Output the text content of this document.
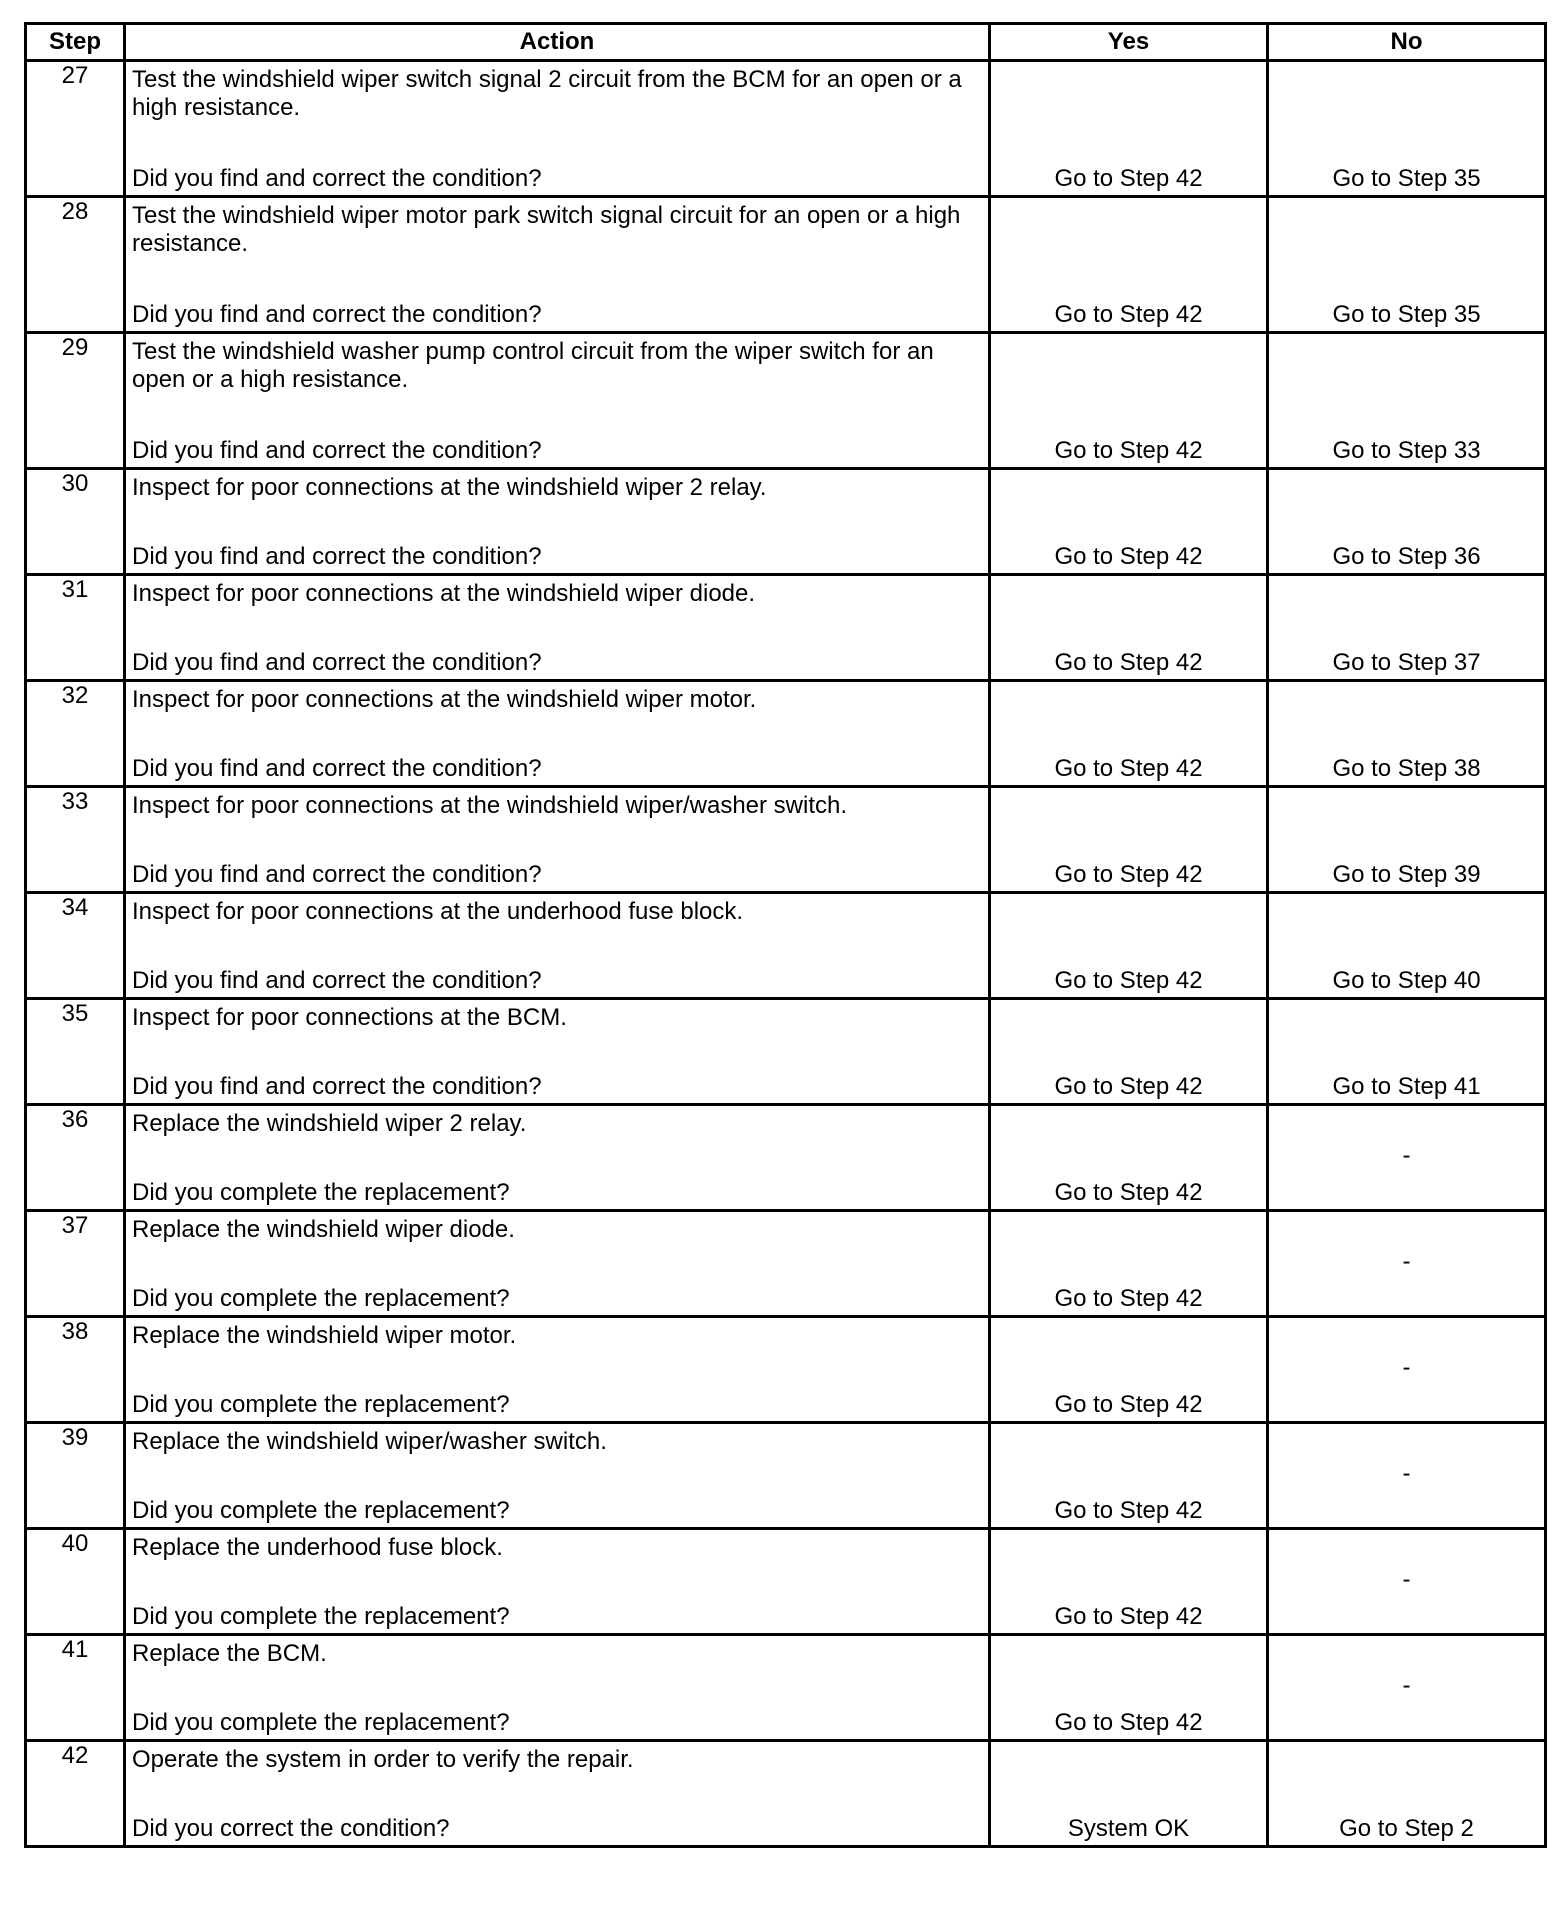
Step	Action	Yes	No
27	Test the windshield wiper switch signal 2 circuit from the BCM for an open or a high resistance.
Did you find and correct the condition?	Go to Step 42	Go to Step 35

28	Test the windshield wiper motor park switch signal circuit for an open or a high resistance.
Did you find and correct the condition?	Go to Step 42	Go to Step 35

29	Test the windshield washer pump control circuit from the wiper switch for an open or a high resistance.
Did you find and correct the condition?	Go to Step 42	Go to Step 33

30	Inspect for poor connections at the windshield wiper 2 relay.
Did you find and correct the condition?	Go to Step 42	Go to Step 36

31	Inspect for poor connections at the windshield wiper diode.
Did you find and correct the condition?	Go to Step 42	Go to Step 37

32	Inspect for poor connections at the windshield wiper motor.
Did you find and correct the condition?	Go to Step 42	Go to Step 38

33	Inspect for poor connections at the windshield wiper/washer switch.
Did you find and correct the condition?	Go to Step 42	Go to Step 39

34	Inspect for poor connections at the underhood fuse block.
Did you find and correct the condition?	Go to Step 42	Go to Step 40

35	Inspect for poor connections at the BCM.
Did you find and correct the condition?	Go to Step 42	Go to Step 41

36	Replace the windshield wiper 2 relay.
Did you complete the replacement?	Go to Step 42	-

37	Replace the windshield wiper diode.
Did you complete the replacement?	Go to Step 42	-

38	Replace the windshield wiper motor.
Did you complete the replacement?	Go to Step 42	-

39	Replace the windshield wiper/washer switch.
Did you complete the replacement?	Go to Step 42	-

40	Replace the underhood fuse block.
Did you complete the replacement?	Go to Step 42	-

41	Replace the BCM.
Did you complete the replacement?	Go to Step 42	-

42	Operate the system in order to verify the repair.
Did you correct the condition?	System OK	Go to Step 2
